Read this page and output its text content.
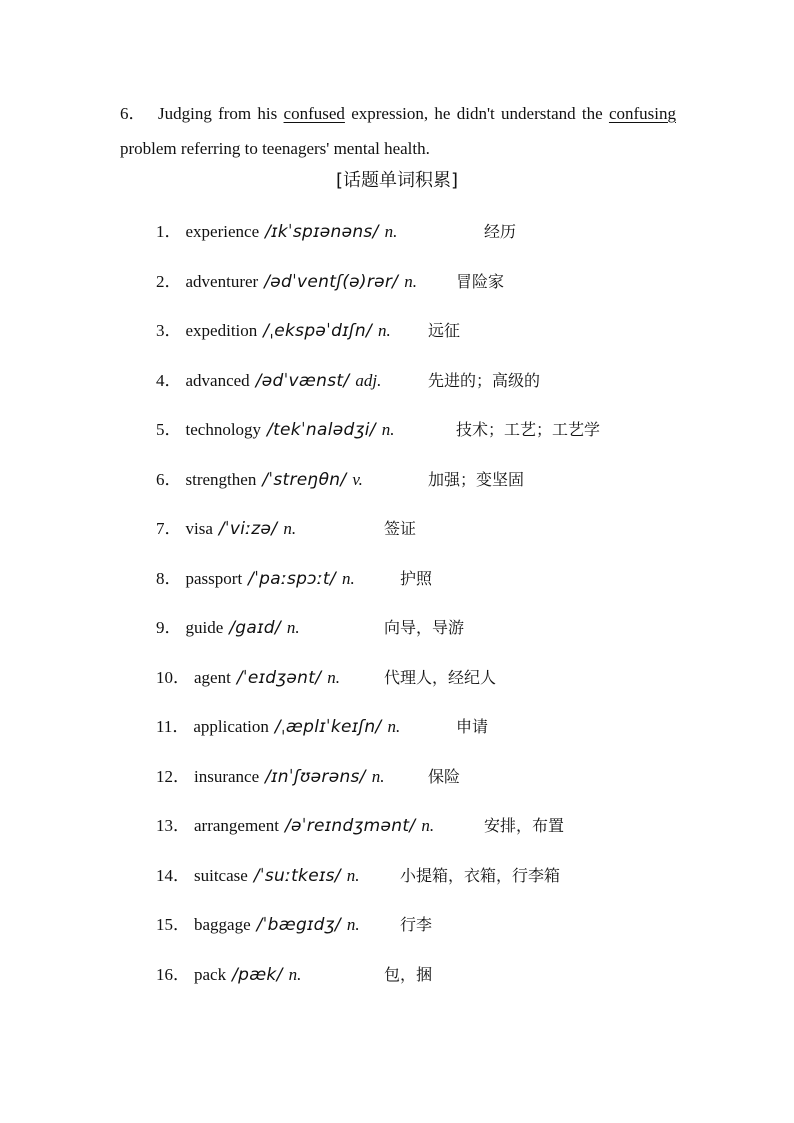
6． Judging from his confused expression, he didn't understand the confusing problem referring to teenagers' mental health.

[话题单词积累]
1． experience /ɪkˈspɪənəns/ n.	经历
2． adventurer /ədˈventʃ(ə)rər/ n. 冒险家
3． expedition /ˌekspəˈdɪʃn/ n. 远征
4． advanced /ədˈvænst/ adj.	先进的；高级的
5． technology /tekˈnalədʒi/ n.	技术；工艺；工艺学
6． strengthen /ˈstreŋθn/ v.	加强；变坚固
7． visa /ˈviːzə/ n.	签证
8． passport /ˈpaːspɔːt/ n.	护照
9． guide /gaɪd/ n.	向导，导游
10． agent /ˈeɪdʒənt/ n.	代理人，经纪人
11． application /ˌæplɪˈkeɪʃn/ n.	申请
12． insurance /ɪnˈʃʊərəns/ n.	保险
13． arrangement /əˈreɪndʒmənt/ n.	安排，布置
14． suitcase /ˈsuːtkeɪs/ n.	小提箱，衣箱，行李箱
15． baggage /ˈbægɪdʒ/ n.	行李
16． pack /pæk/ n.	包，捆
